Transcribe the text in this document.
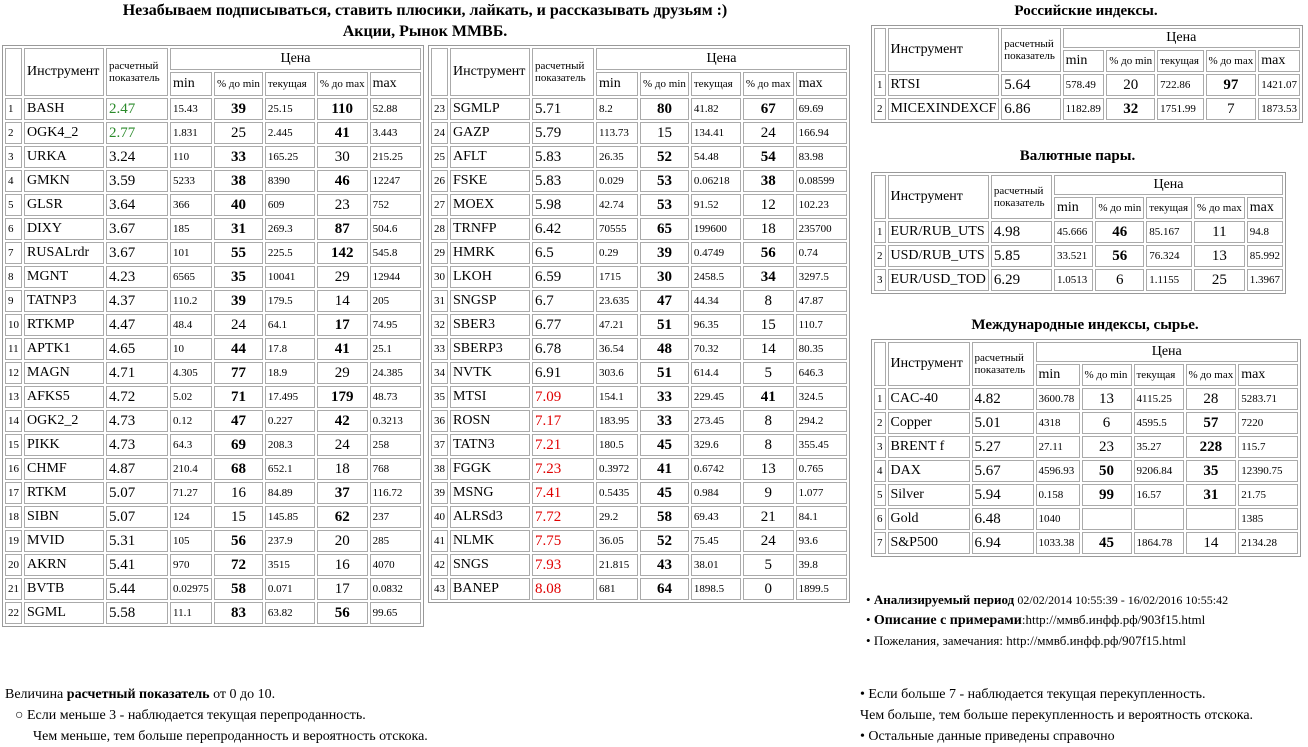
Незабываем подписываться, ставить плюсики, лайкать, и рассказывать друзьям :)
Акции, Рынок ММВБ.
	Инструмент	расчетный показатель	Цена				
			min	% до min	текущая	% до max	max
1	BASH	2.47	15.43	39	25.15	110	52.88
2	OGK4_2	2.77	1.831	25	2.445	41	3.443
3	URKA	3.24	110	33	165.25	30	215.25
4	GMKN	3.59	5233	38	8390	46	12247
5	GLSR	3.64	366	40	609	23	752
6	DIXY	3.67	185	31	269.3	87	504.6
7	RUSALrdr	3.67	101	55	225.5	142	545.8
8	MGNT	4.23	6565	35	10041	29	12944
9	TATNP3	4.37	110.2	39	179.5	14	205
10	RTKMP	4.47	48.4	24	64.1	17	74.95
11	APTK1	4.65	10	44	17.8	41	25.1
12	MAGN	4.71	4.305	77	18.9	29	24.385
13	AFKS5	4.72	5.02	71	17.495	179	48.73
14	OGK2_2	4.73	0.12	47	0.227	42	0.3213
15	PIKK	4.73	64.3	69	208.3	24	258
16	CHMF	4.87	210.4	68	652.1	18	768
17	RTKM	5.07	71.27	16	84.89	37	116.72
18	SIBN	5.07	124	15	145.85	62	237
19	MVID	5.31	105	56	237.9	20	285
20	AKRN	5.41	970	72	3515	16	4070
21	BVTB	5.44	0.02975	58	0.071	17	0.0832
22	SGML	5.58	11.1	83	63.82	56	99.65
	Инструмент	расчетный показатель	Цена				
			min	% до min	текущая	% до max	max
23	SGMLP	5.71	8.2	80	41.82	67	69.69
24	GAZP	5.79	113.73	15	134.41	24	166.94
25	AFLT	5.83	26.35	52	54.48	54	83.98
26	FSKE	5.83	0.029	53	0.06218	38	0.08599
27	MOEX	5.98	42.74	53	91.52	12	102.23
28	TRNFP	6.42	70555	65	199600	18	235700
29	HMRK	6.5	0.29	39	0.4749	56	0.74
30	LKOH	6.59	1715	30	2458.5	34	3297.5
31	SNGSP	6.7	23.635	47	44.34	8	47.87
32	SBER3	6.77	47.21	51	96.35	15	110.7
33	SBERP3	6.78	36.54	48	70.32	14	80.35
34	NVTK	6.91	303.6	51	614.4	5	646.3
35	MTSI	7.09	154.1	33	229.45	41	324.5
36	ROSN	7.17	183.95	33	273.45	8	294.2
37	TATN3	7.21	180.5	45	329.6	8	355.45
38	FGGK	7.23	0.3972	41	0.6742	13	0.765
39	MSNG	7.41	0.5435	45	0.984	9	1.077
40	ALRSd3	7.72	29.2	58	69.43	21	84.1
41	NLMK	7.75	36.05	52	75.45	24	93.6
42	SNGS	7.93	21.815	43	38.01	5	39.8
43	BANEP	8.08	681	64	1898.5	0	1899.5
Российские индексы.
	Инструмент	расчетный показатель	Цена				
			min	% до min	текущая	% до max	max
1	RTSI	5.64	578.49	20	722.86	97	1421.07
2	MICEXINDEXCF	6.86	1182.89	32	1751.99	7	1873.53
Валютные пары.
	Инструмент	расчетный показатель	Цена				
			min	% до min	текущая	% до max	max
1	EUR/RUB_UTS	4.98	45.666	46	85.167	11	94.8
2	USD/RUB_UTS	5.85	33.521	56	76.324	13	85.992
3	EUR/USD_TOD	6.29	1.0513	6	1.1155	25	1.3967
Международные индексы, сырье.
	Инструмент	расчетный показатель	Цена				
			min	% до min	текущая	% до max	max
1	CAC-40	4.82	3600.78	13	4115.25	28	5283.71
2	Copper	5.01	4318	6	4595.5	57	7220
3	BRENT f	5.27	27.11	23	35.27	228	115.7
4	DAX	5.67	4596.93	50	9206.84	35	12390.75
5	Silver	5.94	0.158	99	16.57	31	21.75
6	Gold	6.48	1040				1385
7	S&P500	6.94	1033.38	45	1864.78	14	2134.28
• Анализируемый период 02/02/2014 10:55:39 - 16/02/2016 10:55:42
• Описание с примерами:http://ммвб.инфф.рф/903f15.html
• Пожелания, замечания: http://ммвб.инфф.рф/907f15.html
Величина расчетный показатель от 0 до 10.
○ Если меньше 3 - наблюдается текущая перепроданность.
Чем меньше, тем больше перепроданность и вероятность отскока.
• Если больше 7 - наблюдается текущая перекупленность.
Чем больше, тем больше перекупленность и вероятность отскока.
• Остальные данные приведены справочно
